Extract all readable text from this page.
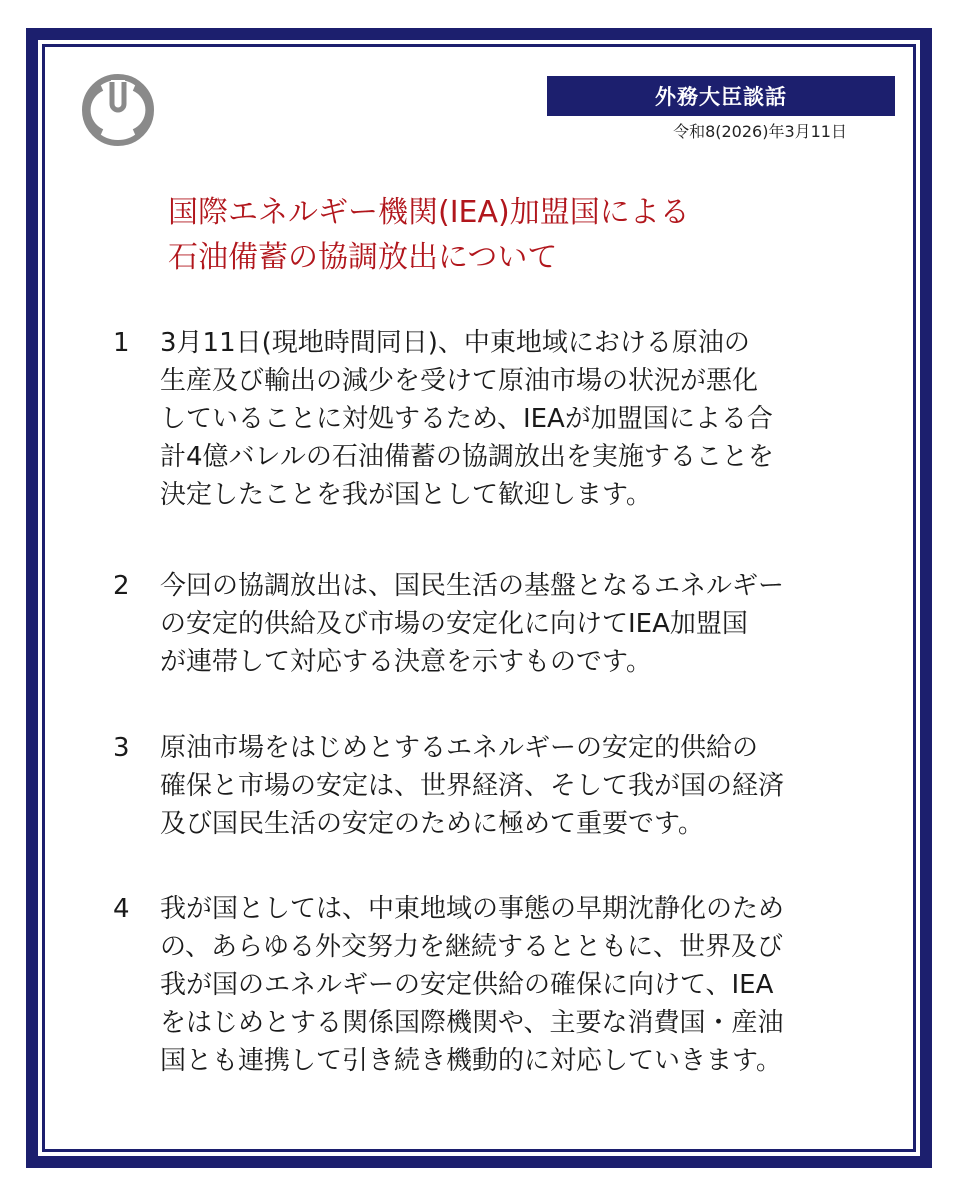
外務大臣談話
令和8(2026)年3月11日
国際エネルギー機関(IEA)加盟国による
石油備蓄の協調放出について
1	3月11日(現地時間同日)、中東地域における原油の
生産及び輸出の減少を受けて原油市場の状況が悪化
していることに対処するため、IEAが加盟国による合
計4億バレルの石油備蓄の協調放出を実施することを
決定したことを我が国として歓迎します。
2	今回の協調放出は、国民生活の基盤となるエネルギー
の安定的供給及び市場の安定化に向けてIEA加盟国
が連帯して対応する決意を示すものです。
3	原油市場をはじめとするエネルギーの安定的供給の
確保と市場の安定は、世界経済、そして我が国の経済
及び国民生活の安定のために極めて重要です。
4	我が国としては、中東地域の事態の早期沈静化のため
の、あらゆる外交努力を継続するとともに、世界及び
我が国のエネルギーの安定供給の確保に向けて、IEA
をはじめとする関係国際機関や、主要な消費国・産油
国とも連携して引き続き機動的に対応していきます。
